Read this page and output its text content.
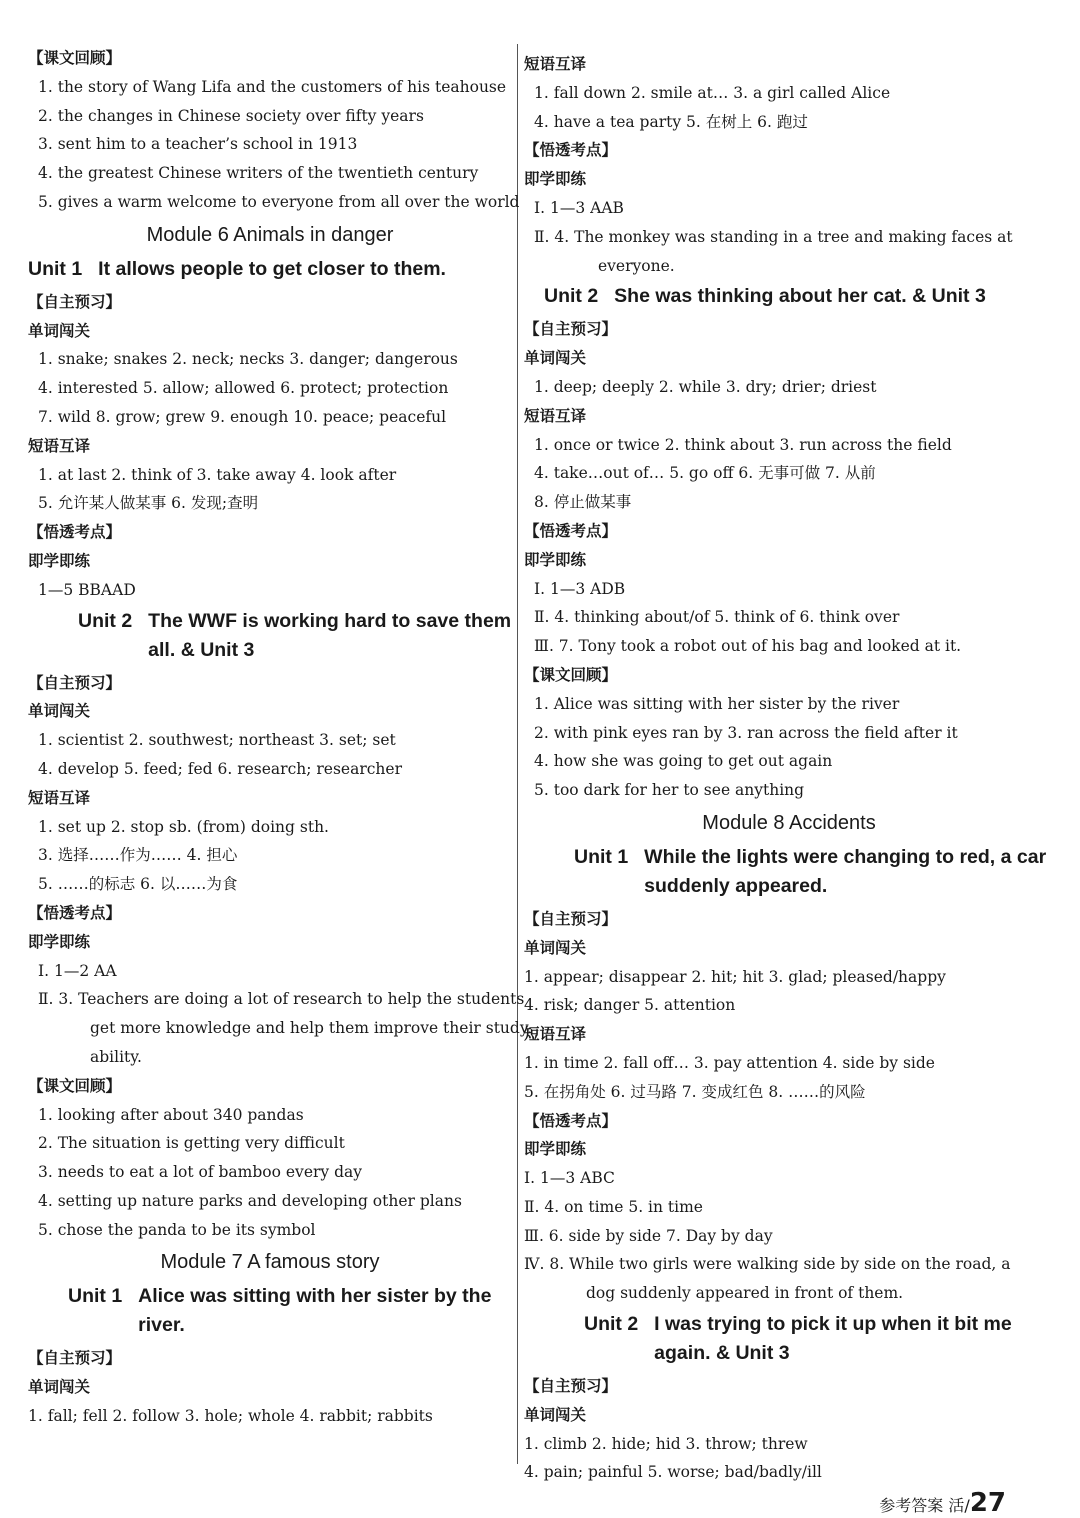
【课文回顾】
1. the story of Wang Lifa and the customers of his teahouse
2. the changes in Chinese society over fifty years
3. sent him to a teacher’s school in 1913
4. the greatest Chinese writers of the twentieth century
5. gives a warm welcome to everyone from all over the world
Module 6 Animals in danger
Unit 1 It allows people to get closer to them.
【自主预习】
单词闯关
1. snake; snakes 2. neck; necks 3. danger; dangerous
4. interested 5. allow; allowed 6. protect; protection
7. wild 8. grow; grew 9. enough 10. peace; peaceful
短语互译
1. at last 2. think of 3. take away 4. look after
5. 允许某人做某事 6. 发现;查明
【悟透考点】
即学即练
1—5 BBAAD
Unit 2 The WWF is working hard to save them all. & Unit 3
【自主预习】
单词闯关
1. scientist 2. southwest; northeast 3. set; set
4. develop 5. feed; fed 6. research; researcher
短语互译
1. set up 2. stop sb. (from) doing sth.
3. 选择……作为…… 4. 担心
5. ……的标志 6. 以……为食
【悟透考点】
即学即练
Ⅰ. 1—2 AA
Ⅱ. 3. Teachers are doing a lot of research to help the students
get more knowledge and help them improve their study
ability.
【课文回顾】
1. looking after about 340 pandas
2. The situation is getting very difficult
3. needs to eat a lot of bamboo every day
4. setting up nature parks and developing other plans
5. chose the panda to be its symbol
Module 7 A famous story
Unit 1 Alice was sitting with her sister by the river.
【自主预习】
单词闯关
1. fall; fell 2. follow 3. hole; whole 4. rabbit; rabbits
短语互译
1. fall down 2. smile at… 3. a girl called Alice
4. have a tea party 5. 在树上 6. 跑过
【悟透考点】
即学即练
Ⅰ. 1—3 AAB
Ⅱ. 4. The monkey was standing in a tree and making faces at
everyone.
Unit 2 She was thinking about her cat. & Unit 3
【自主预习】
单词闯关
1. deep; deeply 2. while 3. dry; drier; driest
短语互译
1. once or twice 2. think about 3. run across the field
4. take…out of… 5. go off 6. 无事可做 7. 从前
8. 停止做某事
【悟透考点】
即学即练
Ⅰ. 1—3 ADB
Ⅱ. 4. thinking about/of 5. think of 6. think over
Ⅲ. 7. Tony took a robot out of his bag and looked at it.
【课文回顾】
1. Alice was sitting with her sister by the river
2. with pink eyes ran by 3. ran across the field after it
4. how she was going to get out again
5. too dark for her to see anything
Module 8 Accidents
Unit 1 While the lights were changing to red, a car suddenly appeared.
【自主预习】
单词闯关
1. appear; disappear 2. hit; hit 3. glad; pleased/happy
4. risk; danger 5. attention
短语互译
1. in time 2. fall off… 3. pay attention 4. side by side
5. 在拐角处 6. 过马路 7. 变成红色 8. ……的风险
【悟透考点】
即学即练
Ⅰ. 1—3 ABC
Ⅱ. 4. on time 5. in time
Ⅲ. 6. side by side 7. Day by day
Ⅳ. 8. While two girls were walking side by side on the road, a
dog suddenly appeared in front of them.
Unit 2 I was trying to pick it up when it bit me again. & Unit 3
【自主预习】
单词闯关
1. climb 2. hide; hid 3. throw; threw
4. pain; painful 5. worse; bad/badly/ill
参考答案 活/27
